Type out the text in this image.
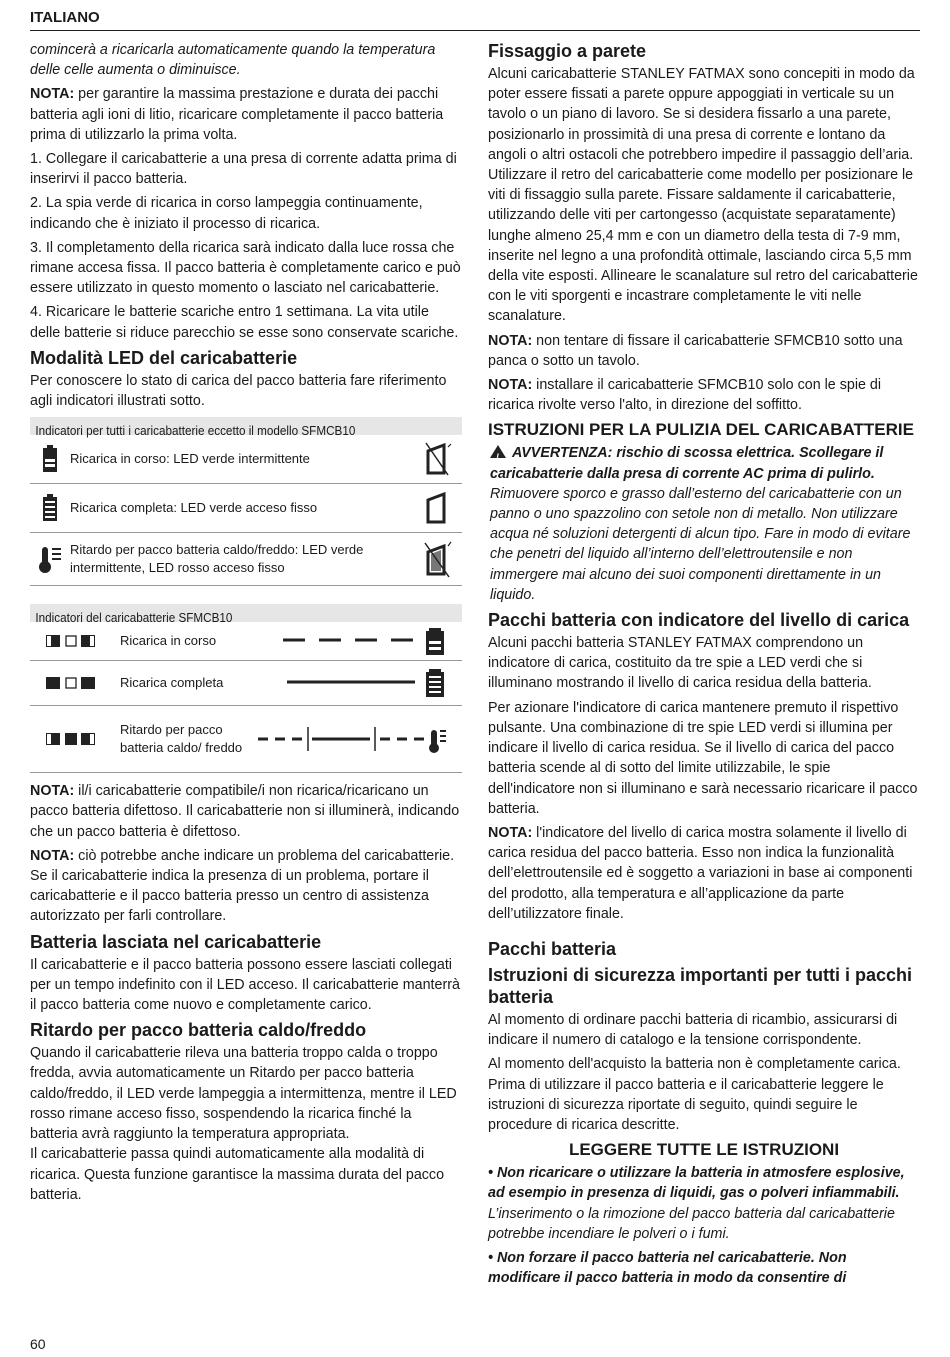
ITALIANO

comincerà a ricaricarla automaticamente quando la temperatura delle celle aumenta o diminuisce.

NOTA: per garantire la massima prestazione e durata dei pacchi batteria agli ioni di litio, ricaricare completamente il pacco batteria prima di utilizzarlo la prima volta.

1. Collegare il caricabatterie a una presa di corrente adatta prima di inserirvi il pacco batteria.

2. La spia verde di ricarica in corso lampeggia continuamente, indicando che è iniziato il processo di ricarica.

3. Il completamento della ricarica sarà indicato dalla luce rossa che rimane accesa fissa. Il pacco batteria è completamente carico e può essere utilizzato in questo momento o lasciato nel caricabatterie.

4. Ricaricare le batterie scariche entro 1 settimana. La vita utile delle batterie si riduce parecchio se esse sono conservate scariche.

Modalità LED del caricabatterie

Per conoscere lo stato di carica del pacco batteria fare riferimento agli indicatori illustrati sotto.

Indicatori per tutti i caricabatterie eccetto il modello SFMCB10
Ricarica in corso: LED verde intermittente
Ricarica completa: LED verde acceso fisso
Ritardo per pacco batteria caldo/freddo: LED verde intermittente, LED rosso acceso fisso
Indicatori del caricabatterie SFMCB10
Ricarica in corso
Ricarica completa
Ritardo per pacco batteria caldo/ freddo

NOTA: il/i caricabatterie compatibile/i non ricarica/ricaricano un pacco batteria difettoso. Il caricabatterie non si illuminerà, indicando che un pacco batteria è difettoso.

NOTA: ciò potrebbe anche indicare un problema del caricabatterie. Se il caricabatterie indica la presenza di un problema, portare il caricabatterie e il pacco batteria presso un centro di assistenza autorizzato per farli controllare.

Batteria lasciata nel caricabatterie

Il caricabatterie e il pacco batteria possono essere lasciati collegati per un tempo indefinito con il LED acceso. Il caricabatterie manterrà il pacco batteria come nuovo e completamente carico.

Ritardo per pacco batteria caldo/freddo

Quando il caricabatterie rileva una batteria troppo calda o troppo fredda, avvia automaticamente un Ritardo per pacco batteria caldo/freddo, il LED verde lampeggia a intermittenza, mentre il LED rosso rimane acceso fisso, sospendendo la ricarica finché la batteria avrà raggiunto la temperatura appropriata.

Il caricabatterie passa quindi automaticamente alla modalità di ricarica. Questa funzione garantisce la massima durata del pacco batteria.

Fissaggio a parete

Alcuni caricabatterie STANLEY FATMAX sono concepiti in modo da poter essere fissati a parete oppure appoggiati in verticale su un tavolo o un piano di lavoro. Se si desidera fissarlo a una parete, posizionarlo in prossimità di una presa di corrente e lontano da angoli o altri ostacoli che potrebbero impedire il passaggio dell’aria. Utilizzare il retro del caricabatterie come modello per posizionare le viti di fissaggio sulla parete. Fissare saldamente il caricabatterie, utilizzando delle viti per cartongesso (acquistate separatamente) lunghe almeno 25,4 mm e con un diametro della testa di 7-9 mm, inserite nel legno a una profondità ottimale, lasciando circa 5,5 mm della vite esposti. Allineare le scanalature sul retro del caricabatterie con le viti sporgenti e incastrare completamente le viti nelle scanalature.

NOTA: non tentare di fissare il caricabatterie SFMCB10 sotto una panca o sotto un tavolo.

NOTA: installare il caricabatterie SFMCB10 solo con le spie di ricarica rivolte verso l'alto, in direzione del soffitto.

ISTRUZIONI PER LA PULIZIA DEL CARICABATTERIE

!AVVERTENZA: rischio di scossa elettrica. Scollegare il caricabatterie dalla presa di corrente AC prima di pulirlo. Rimuovere sporco e grasso dall’esterno del caricabatterie con un panno o uno spazzolino con setole non di metallo. Non utilizzare acqua né soluzioni detergenti di alcun tipo. Fare in modo di evitare che penetri del liquido all’interno dell’elettroutensile e non immergere mai alcuno dei suoi componenti direttamente in un liquido.

Pacchi batteria con indicatore del livello di carica

Alcuni pacchi batteria STANLEY FATMAX comprendono un indicatore di carica, costituito da tre spie a LED verdi che si illuminano mostrando il livello di carica residua della batteria.

Per azionare l'indicatore di carica mantenere premuto il rispettivo pulsante. Una combinazione di tre spie LED verdi si illumina per indicare il livello di carica residua. Se il livello di carica del pacco batteria scende al di sotto del limite utilizzabile, le spie dell'indicatore non si illuminano e sarà necessario ricaricare il pacco batteria.

NOTA: l'indicatore del livello di carica mostra solamente il livello di carica residua del pacco batteria. Esso non indica la funzionalità dell’elettroutensile ed è soggetto a variazioni in base ai componenti del prodotto, alla temperatura e all’applicazione da parte dell’utilizzatore finale.

Pacchi batteria
Istruzioni di sicurezza importanti per tutti i pacchi batteria

Al momento di ordinare pacchi batteria di ricambio, assicurarsi di indicare il numero di catalogo e la tensione corrispondente.

Al momento dell'acquisto la batteria non è completamente carica. Prima di utilizzare il pacco batteria e il caricabatterie leggere le istruzioni di sicurezza riportate di seguito, quindi seguire le procedure di ricarica descritte.

LEGGERE TUTTE LE ISTRUZIONI

• Non ricaricare o utilizzare la batteria in atmosfere esplosive, ad esempio in presenza di liquidi, gas o polveri infiammabili. L’inserimento o la rimozione del pacco batteria dal caricabatterie potrebbe incendiare le polveri o i fumi.

• Non forzare il pacco batteria nel caricabatterie. Non modificare il pacco batteria in modo da consentire di

60
